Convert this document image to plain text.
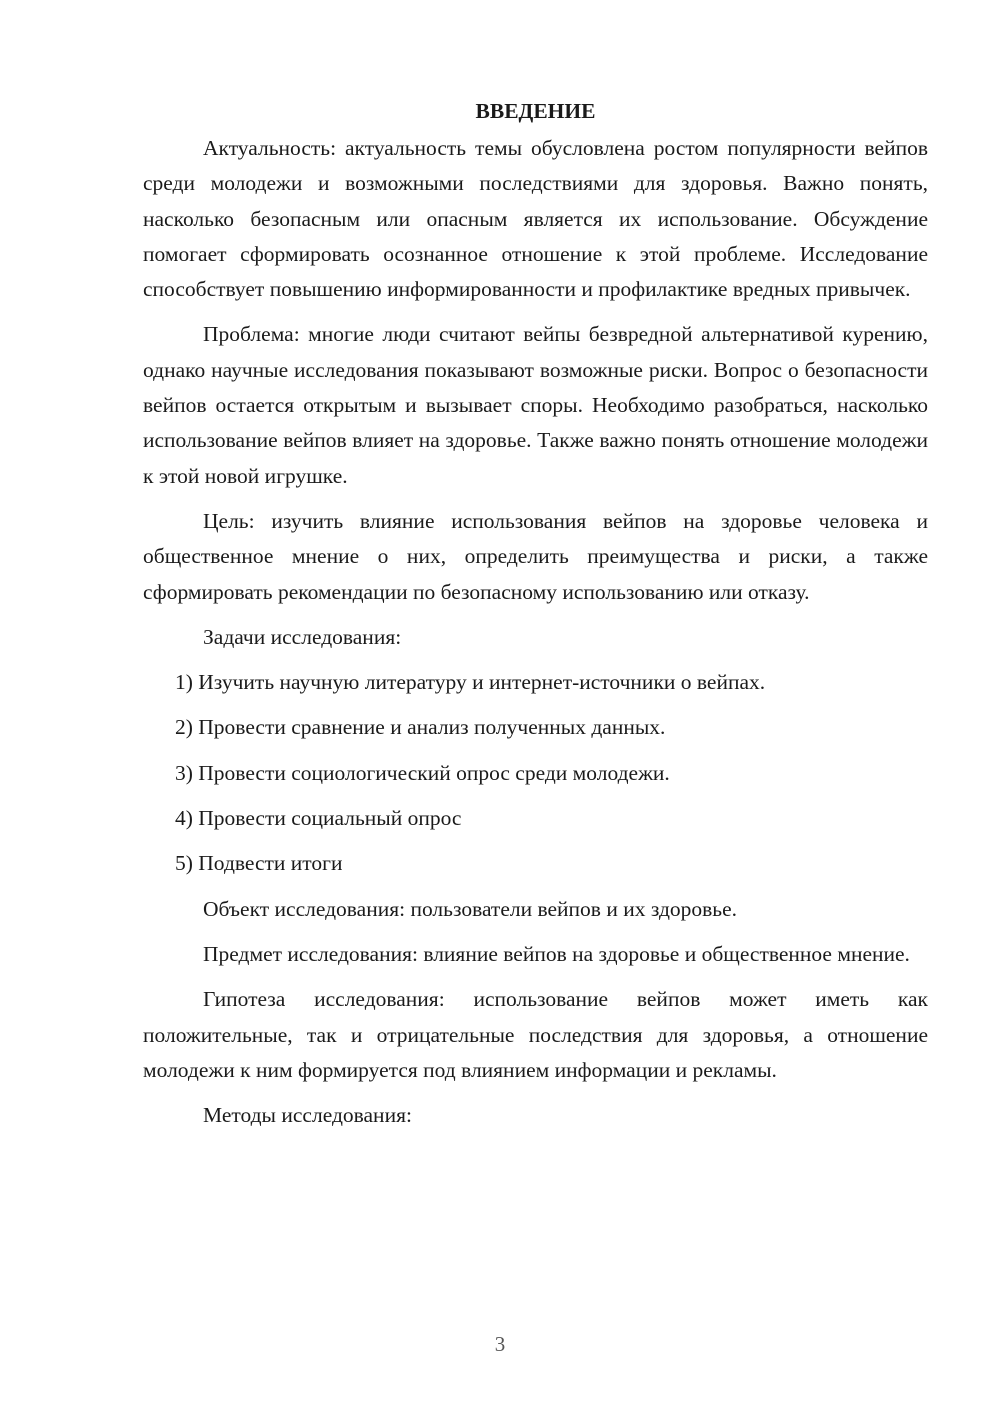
ВВЕДЕНИЕ

Актуальность: актуальность темы обусловлена ростом популярности вейпов среди молодежи и возможными последствиями для здоровья. Важно понять, насколько безопасным или опасным является их использование. Обсуждение помогает сформировать осознанное отношение к этой проблеме. Исследование способствует повышению информированности и профилактике вредных привычек.

Проблема: многие люди считают вейпы безвредной альтернативой курению, однако научные исследования показывают возможные риски. Вопрос о безопасности вейпов остается открытым и вызывает споры. Необходимо разобраться, насколько использование вейпов влияет на здоровье. Также важно понять отношение молодежи к этой новой игрушке.

Цель: изучить влияние использования вейпов на здоровье человека и общественное мнение о них, определить преимущества и риски, а также сформировать рекомендации по безопасному использованию или отказу.

Задачи исследования:

1) Изучить научную литературу и интернет-источники о вейпах.
2) Провести сравнение и анализ полученных данных.
3) Провести социологический опрос среди молодежи.
4) Провести социальный опрос
5) Подвести итоги

Объект исследования: пользователи вейпов и их здоровье.

Предмет исследования: влияние вейпов на здоровье и общественное мнение.

Гипотеза исследования: использование вейпов может иметь как положительные, так и отрицательные последствия для здоровья, а отношение молодежи к ним формируется под влиянием информации и рекламы.

Методы исследования:

3
